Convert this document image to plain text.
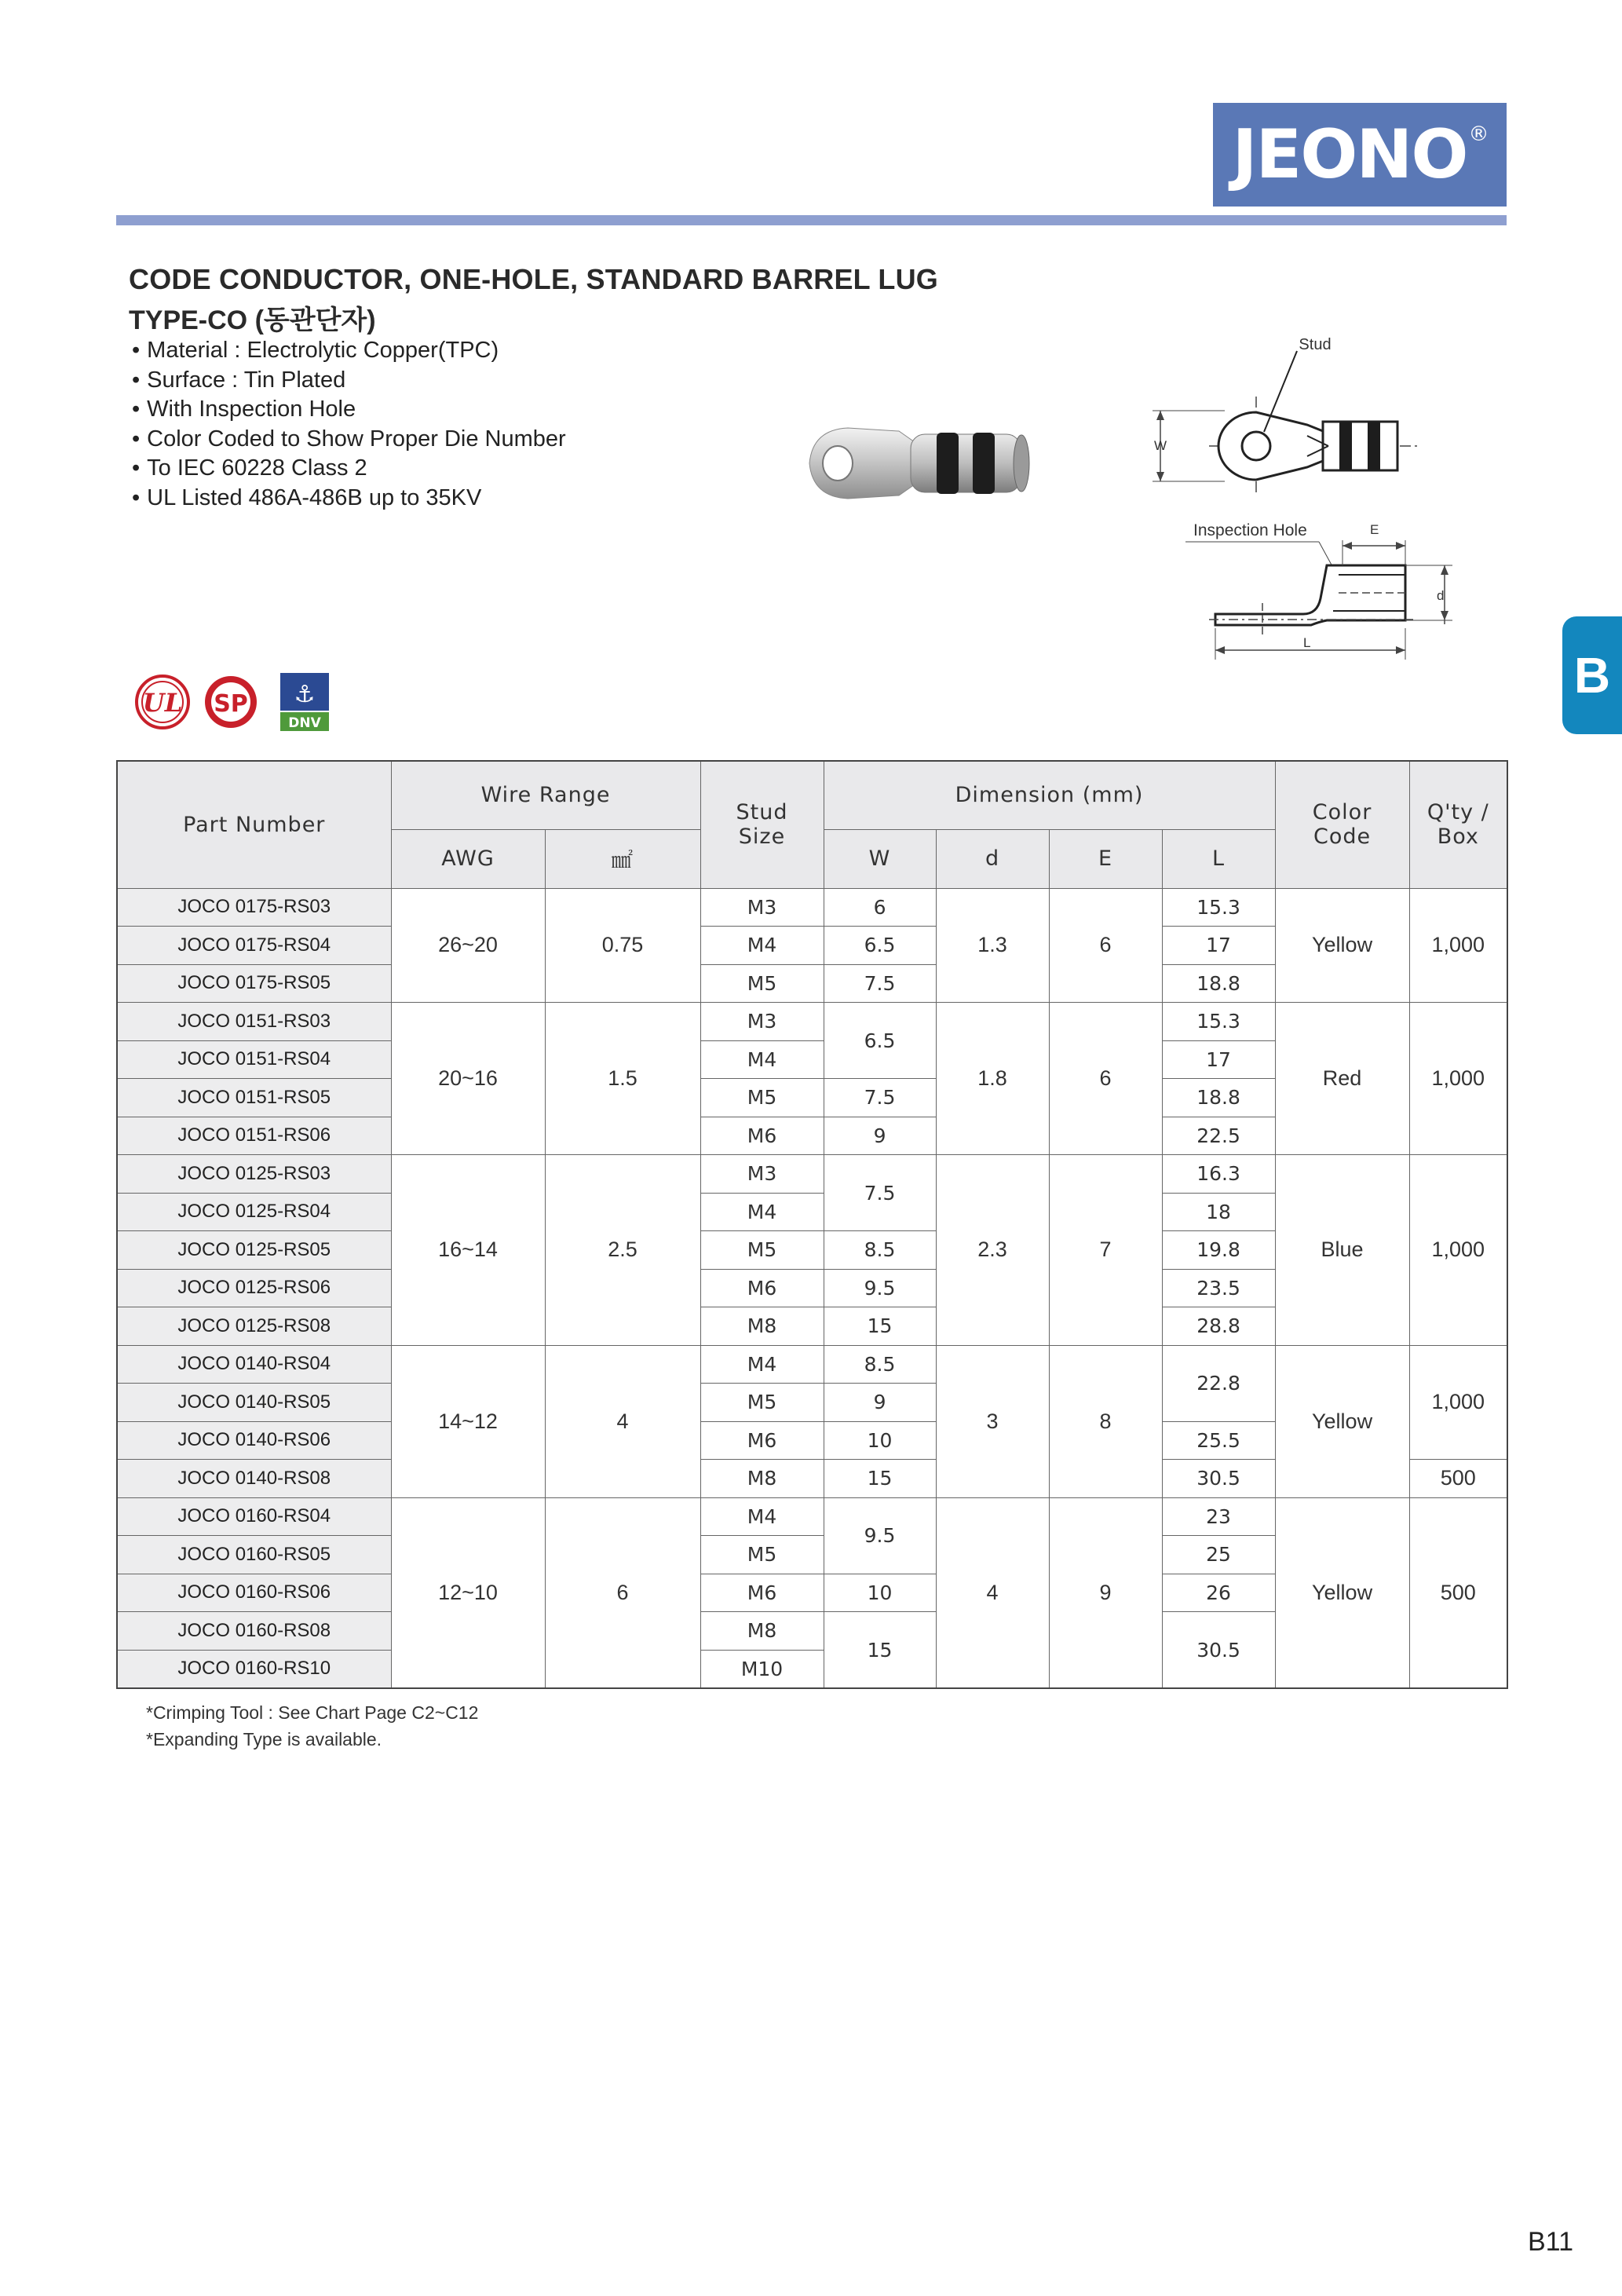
JEONO ®
CODE CONDUCTOR, ONE-HOLE, STANDARD BARREL LUG
TYPE-CO (동관단자)
• Material : Electrolytic Copper(TPC)
• Surface : Tin Plated
• With Inspection Hole
• Color Coded to Show Proper Die Number
• To IEC 60228 Class 2
• UL Listed 486A-486B up to 35KV
W
Stud
Inspection Hole	E
d
L
UL SP ⚓
DNV
B
Part Number	Wire Range		Stud Size	Dimension (mm)				Color Code	Q'ty / Box
	AWG	㎟		W	d	E	L		
JOCO 0175-RS03	26~20	0.75	M3	6	1.3	6	15.3	Yellow	1,000
JOCO 0175-RS04			M4	6.5			17		
JOCO 0175-RS05			M5	7.5			18.8		
JOCO 0151-RS03	20~16	1.5	M3	6.5	1.8	6	15.3	Red	1,000
JOCO 0151-RS04			M4				17		
JOCO 0151-RS05			M5	7.5			18.8		
JOCO 0151-RS06			M6	9			22.5		
JOCO 0125-RS03	16~14	2.5	M3	7.5	2.3	7	16.3	Blue	1,000
JOCO 0125-RS04			M4				18		
JOCO 0125-RS05			M5	8.5			19.8		
JOCO 0125-RS06			M6	9.5			23.5		
JOCO 0125-RS08			M8	15			28.8		
JOCO 0140-RS04	14~12	4	M4	8.5	3	8	22.8	Yellow	1,000
JOCO 0140-RS05			M5	9					
JOCO 0140-RS06			M6	10			25.5		
JOCO 0140-RS08			M8	15			30.5		500
JOCO 0160-RS04	12~10	6	M4	9.5	4	9	23	Yellow	500
JOCO 0160-RS05			M5				25		
JOCO 0160-RS06			M6	10			26		
JOCO 0160-RS08			M8	15			30.5		
JOCO 0160-RS10			M10						
*Crimping Tool : See Chart Page C2~C12
*Expanding Type is available.
B11
